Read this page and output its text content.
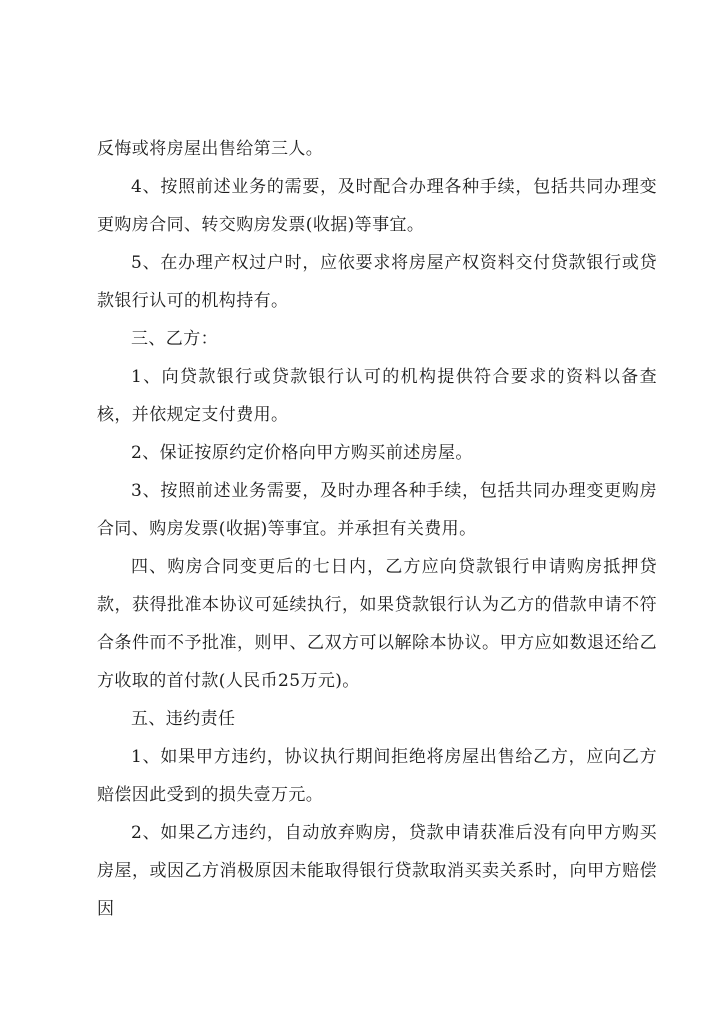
反悔或将房屋出售给第三人。

4、按照前述业务的需要，及时配合办理各种手续，包括共同办理变更购房合同、转交购房发票(收据)等事宜。

5、在办理产权过户时，应依要求将房屋产权资料交付贷款银行或贷款银行认可的机构持有。

三、乙方：

1、向贷款银行或贷款银行认可的机构提供符合要求的资料以备查核，并依规定支付费用。

2、保证按原约定价格向甲方购买前述房屋。

3、按照前述业务需要，及时办理各种手续，包括共同办理变更购房合同、购房发票(收据)等事宜。并承担有关费用。

四、购房合同变更后的七日内，乙方应向贷款银行申请购房抵押贷款，获得批准本协议可延续执行，如果贷款银行认为乙方的借款申请不符合条件而不予批准，则甲、乙双方可以解除本协议。甲方应如数退还给乙方收取的首付款(人民币25万元)。

五、违约责任

1、如果甲方违约，协议执行期间拒绝将房屋出售给乙方，应向乙方赔偿因此受到的损失壹万元。

2、如果乙方违约，自动放弃购房，贷款申请获准后没有向甲方购买房屋，或因乙方消极原因未能取得银行贷款取消买卖关系时，向甲方赔偿因
